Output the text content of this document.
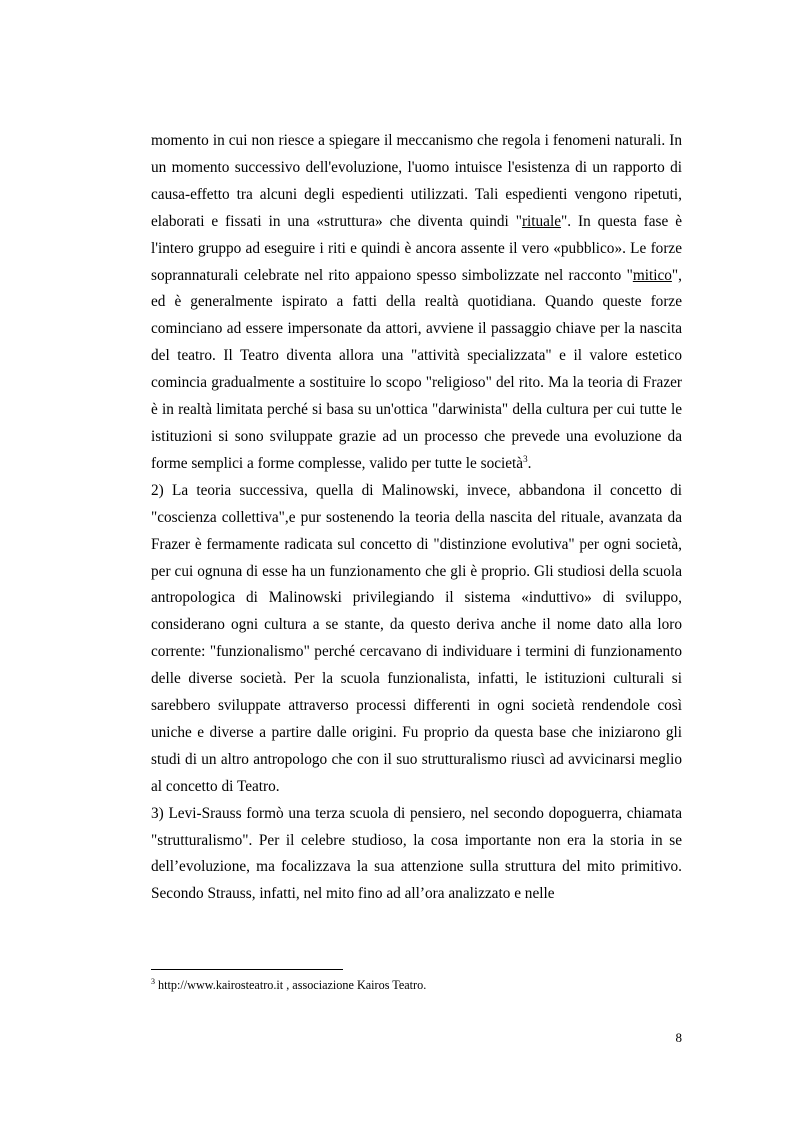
momento in cui non riesce a spiegare il meccanismo che regola i fenomeni naturali. In un momento successivo dell'evoluzione, l'uomo intuisce l'esistenza di un rapporto di causa-effetto tra alcuni degli espedienti utilizzati. Tali espedienti vengono ripetuti, elaborati e fissati in una «struttura» che diventa quindi "rituale". In questa fase è l'intero gruppo ad eseguire i riti e quindi è ancora assente il vero «pubblico». Le forze soprannaturali celebrate nel rito appaiono spesso simbolizzate nel racconto "mitico", ed è generalmente ispirato a fatti della realtà quotidiana. Quando queste forze cominciano ad essere impersonate da attori, avviene il passaggio chiave per la nascita del teatro. Il Teatro diventa allora una "attività specializzata" e il valore estetico comincia gradualmente a sostituire lo scopo "religioso" del rito. Ma la teoria di Frazer è in realtà limitata perché si basa su un'ottica "darwinista" della cultura per cui tutte le istituzioni si sono sviluppate grazie ad un processo che prevede una evoluzione da forme semplici a forme complesse, valido per tutte le società$^3$.

2) La teoria successiva, quella di Malinowski, invece, abbandona il concetto di "coscienza collettiva",e pur sostenendo la teoria della nascita del rituale, avanzata da Frazer è fermamente radicata sul concetto di "distinzione evolutiva" per ogni società, per cui ognuna di esse ha un funzionamento che gli è proprio. Gli studiosi della scuola antropologica di Malinowski privilegiando il sistema «induttivo» di sviluppo, considerano ogni cultura a se stante, da questo deriva anche il nome dato alla loro corrente: "funzionalismo" perché cercavano di individuare i termini di funzionamento delle diverse società. Per la scuola funzionalista, infatti, le istituzioni culturali si sarebbero sviluppate attraverso processi differenti in ogni società rendendole così uniche e diverse a partire dalle origini. Fu proprio da questa base che iniziarono gli studi di un altro antropologo che con il suo strutturalismo riuscì ad avvicinarsi meglio al concetto di Teatro.

3) Levi-Srauss formò una terza scuola di pensiero, nel secondo dopoguerra, chiamata "strutturalismo". Per il celebre studioso, la cosa importante non era la storia in se dell’evoluzione, ma focalizzava la sua attenzione sulla struttura del mito primitivo. Secondo Strauss, infatti, nel mito fino ad all’ora analizzato e nelle

$^3$ http://www.kairosteatro.it , associazione Kairos Teatro.
8
